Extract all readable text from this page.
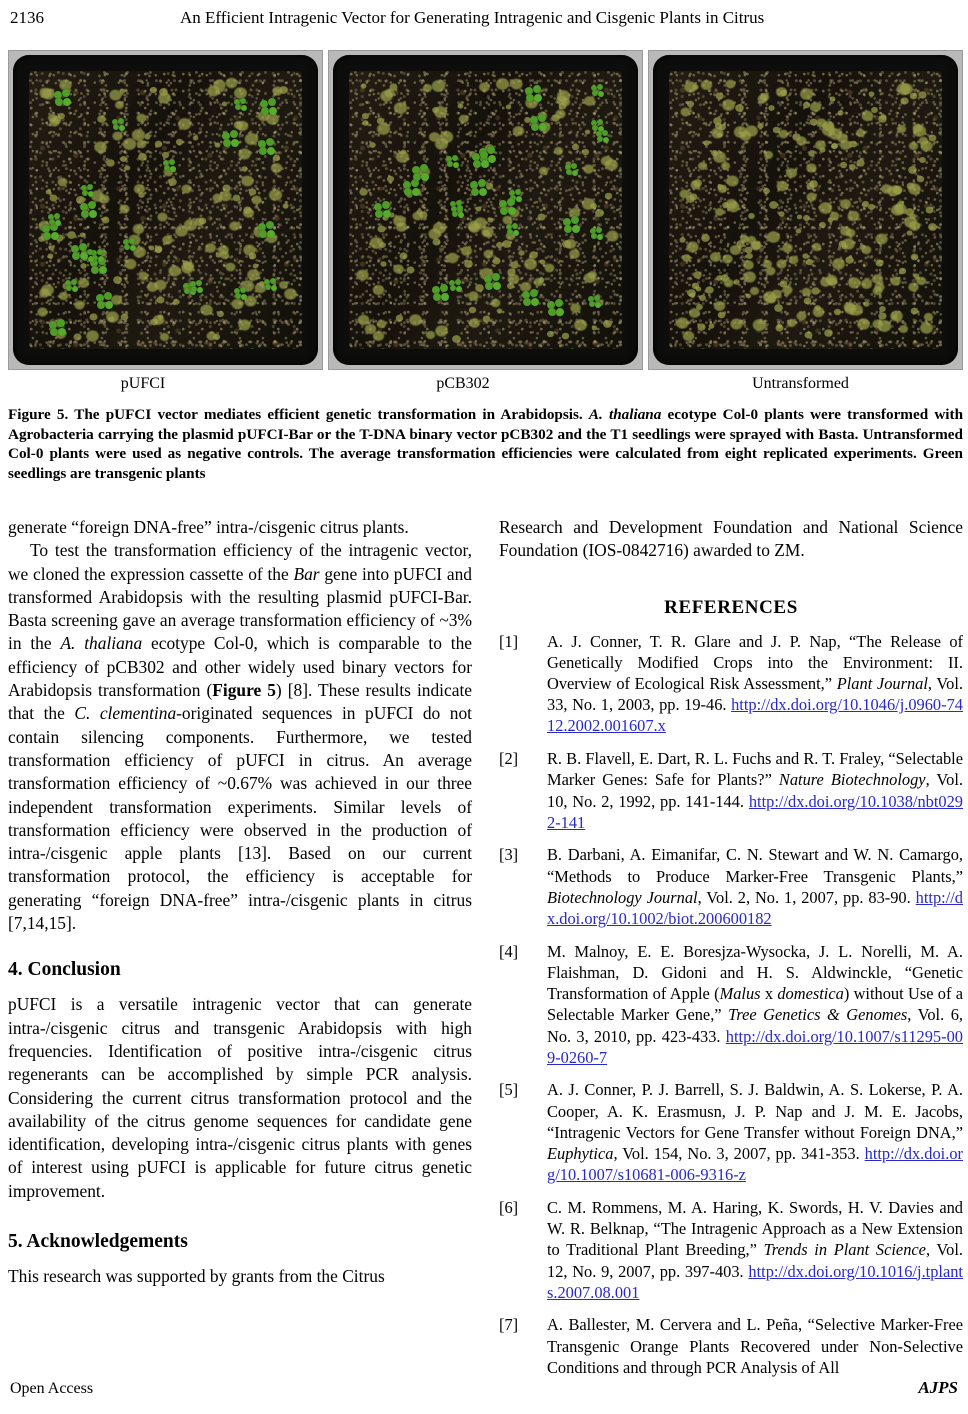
2136	An Efficient Intragenic Vector for Generating Intragenic and Cisgenic Plants in Citrus
pUFCI	pCB302	Untransformed
Figure 5. The pUFCI vector mediates efficient genetic transformation in Arabidopsis. A. thaliana ecotype Col-0 plants were transformed with Agrobacteria carrying the plasmid pUFCI-Bar or the T-DNA binary vector pCB302 and the T1 seedlings were sprayed with Basta. Untransformed Col-0 plants were used as negative controls. The average transformation efficiencies were calculated from eight replicated experiments. Green seedlings are transgenic plants

generate “foreign DNA-free” intra-/cisgenic citrus plants.

To test the transformation efficiency of the intragenic vector, we cloned the expression cassette of the Bar gene into pUFCI and transformed Arabidopsis with the resulting plasmid pUFCI-Bar. Basta screening gave an average transformation efficiency of ~3% in the A. thaliana ecotype Col-0, which is comparable to the efficiency of pCB302 and other widely used binary vectors for Arabidopsis transformation (Figure 5) [8]. These results indicate that the C. clementina-originated sequences in pUFCI do not contain silencing components. Furthermore, we tested transformation efficiency of pUFCI in citrus. An average transformation efficiency of ~0.67% was achieved in our three independent transformation experiments. Similar levels of transformation efficiency were observed in the production of intra-/cisgenic apple plants [13]. Based on our current transformation protocol, the efficiency is acceptable for generating “foreign DNA-free” intra-/cisgenic plants in citrus [7,14,15].

4. Conclusion

pUFCI is a versatile intragenic vector that can generate intra-/cisgenic citrus and transgenic Arabidopsis with high frequencies. Identification of positive intra-/cisgenic citrus regenerants can be accomplished by simple PCR analysis. Considering the current citrus transformation protocol and the availability of the citrus genome sequences for candidate gene identification, developing intra-/cisgenic citrus plants with genes of interest using pUFCI is applicable for future citrus genetic improvement.

5. Acknowledgements

This research was supported by grants from the Citrus

Research and Development Foundation and National Science Foundation (IOS-0842716) awarded to ZM.

REFERENCES
[1]	A. J. Conner, T. R. Glare and J. P. Nap, “The Release of Genetically Modified Crops into the Environment: II. Overview of Ecological Risk Assessment,” Plant Journal, Vol. 33, No. 1, 2003, pp. 19-46. http://dx.doi.org/10.1046/j.0960-7412.2002.001607.x
[2]	R. B. Flavell, E. Dart, R. L. Fuchs and R. T. Fraley, “Selectable Marker Genes: Safe for Plants?” Nature Biotechnology, Vol. 10, No. 2, 1992, pp. 141-144. http://dx.doi.org/10.1038/nbt0292-141
[3]	B. Darbani, A. Eimanifar, C. N. Stewart and W. N. Camargo, “Methods to Produce Marker-Free Transgenic Plants,” Biotechnology Journal, Vol. 2, No. 1, 2007, pp. 83-90. http://dx.doi.org/10.1002/biot.200600182
[4]	M. Malnoy, E. E. Boresjza-Wysocka, J. L. Norelli, M. A. Flaishman, D. Gidoni and H. S. Aldwinckle, “Genetic Transformation of Apple (Malus x domestica) without Use of a Selectable Marker Gene,” Tree Genetics & Genomes, Vol. 6, No. 3, 2010, pp. 423-433. http://dx.doi.org/10.1007/s11295-009-0260-7
[5]	A. J. Conner, P. J. Barrell, S. J. Baldwin, A. S. Lokerse, P. A. Cooper, A. K. Erasmusn, J. P. Nap and J. M. E. Jacobs, “Intragenic Vectors for Gene Transfer without Foreign DNA,” Euphytica, Vol. 154, No. 3, 2007, pp. 341-353. http://dx.doi.org/10.1007/s10681-006-9316-z
[6]	C. M. Rommens, M. A. Haring, K. Swords, H. V. Davies and W. R. Belknap, “The Intragenic Approach as a New Extension to Traditional Plant Breeding,” Trends in Plant Science, Vol. 12, No. 9, 2007, pp. 397-403. http://dx.doi.org/10.1016/j.tplants.2007.08.001
[7]	A. Ballester, M. Cervera and L. Peña, “Selective Marker-Free Transgenic Orange Plants Recovered under Non-Selective Conditions and through PCR Analysis of All
Open Access	AJPS
